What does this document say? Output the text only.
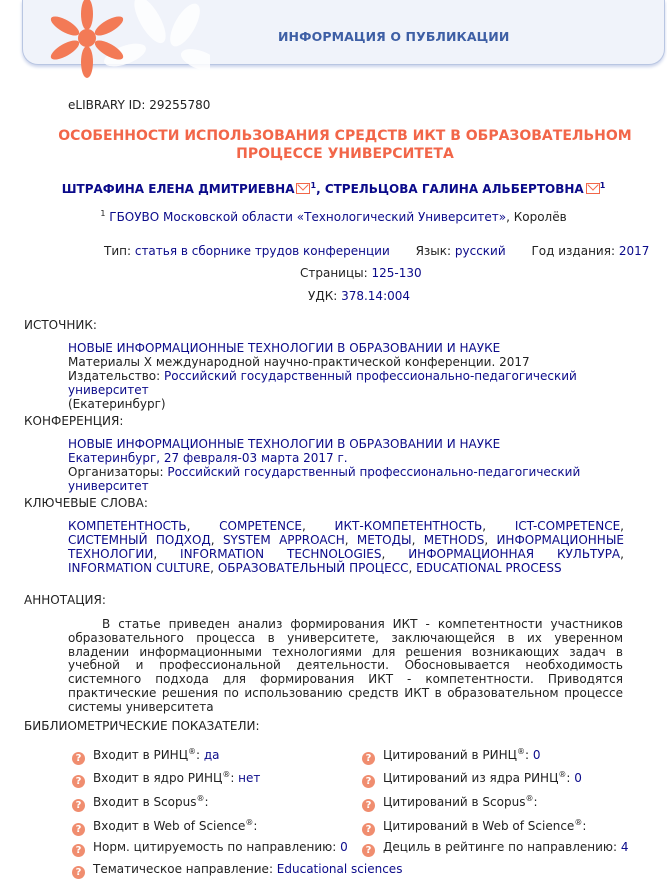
ИНФОРМАЦИЯ О ПУБЛИКАЦИИ
eLIBRARY ID: 29255780
ОСОБЕННОСТИ ИСПОЛЬЗОВАНИЯ СРЕДСТВ ИКТ В ОБРАЗОВАТЕЛЬНОМ
ПРОЦЕССЕ УНИВЕРСИТЕТА
ШТРАФИНА ЕЛЕНА ДМИТРИЕВНА $^1$, СТРЕЛЬЦОВА ГАЛИНА АЛЬБЕРТОВНА $^1$
$^1$ ГБОУВО Московской области «Технологический Университет», Королёв
Тип: статья в сборнике трудов конференции Язык: русский Год издания: 2017
Страницы: 125-130
УДК: 378.14:004
ИСТОЧНИК:
НОВЫЕ ИНФОРМАЦИОННЫЕ ТЕХНОЛОГИИ В ОБРАЗОВАНИИ И НАУКЕ
Материалы X международной научно-практической конференции. 2017
Издательство: Российский государственный профессионально-педагогический университет
(Екатеринбург)
КОНФЕРЕНЦИЯ:
НОВЫЕ ИНФОРМАЦИОННЫЕ ТЕХНОЛОГИИ В ОБРАЗОВАНИИ И НАУКЕ
Екатеринбург, 27 февраля-03 марта 2017 г.
Организаторы: Российский государственный профессионально-педагогический университет
КЛЮЧЕВЫЕ СЛОВА:
КОМПЕТЕНТНОСТЬ, COMPETENCE, ИКТ-КОМПЕТЕНТНОСТЬ, ICT-COMPETENCE, СИСТЕМНЫЙ ПОДХОД, SYSTEM APPROACH, МЕТОДЫ, METHODS, ИНФОРМАЦИОННЫЕ ТЕХНОЛОГИИ, INFORMATION TECHNOLOGIES, ИНФОРМАЦИОННАЯ КУЛЬТУРА, INFORMATION CULTURE, ОБРАЗОВАТЕЛЬНЫЙ ПРОЦЕСС, EDUCATIONAL PROCESS
АННОТАЦИЯ:
В статье приведен анализ формирования ИКТ - компетентности участников образовательного процесса в университете, заключающейся в их уверенном владении информационными технологиями для решения возникающих задач в учебной и профессиональной деятельности. Обосновывается необходимость системного подхода для формирования ИКТ - компетентности. Приводятся практические решения по использованию средств ИКТ в образовательном процессе системы университета
БИБЛИОМЕТРИЧЕСКИЕ ПОКАЗАТЕЛИ:
? Входит в РИНЦ®: да
? Входит в ядро РИНЦ®: нет
? Входит в Scopus®:
? Входит в Web of Science®:
? Норм. цитируемость по направлению: 0
? Тематическое направление: Educational sciences
? Цитирований в РИНЦ®: 0
? Цитирований из ядра РИНЦ®: 0
? Цитирований в Scopus®:
? Цитирований в Web of Science®:
? Дециль в рейтинге по направлению: 4
